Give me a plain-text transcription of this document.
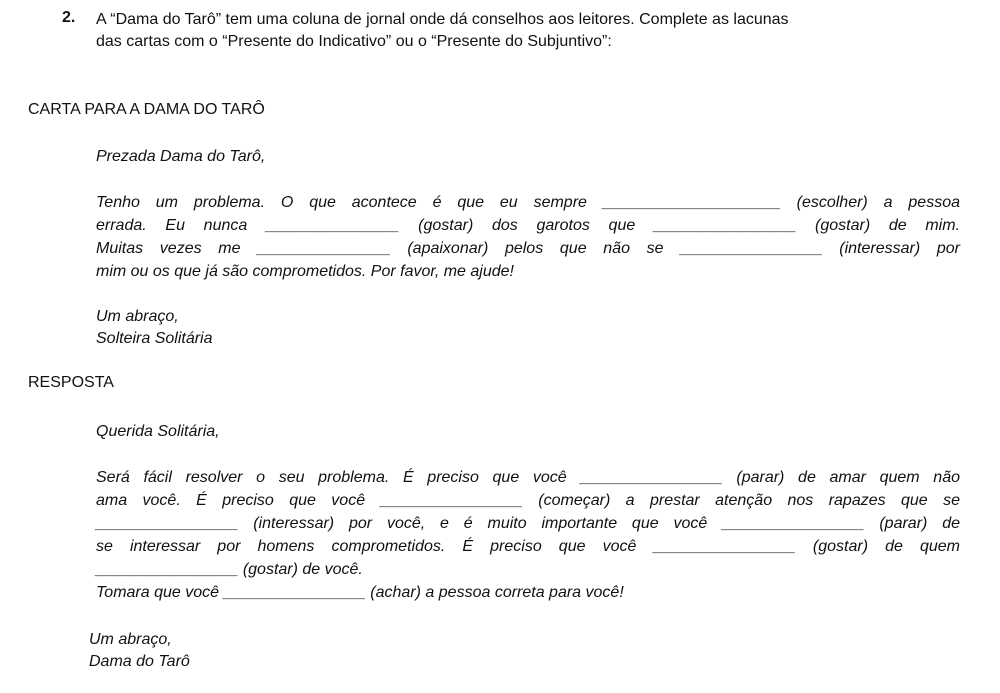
2. A “Dama do Tarô” tem uma coluna de jornal onde dá conselhos aos leitores. Complete as lacunas
das cartas com o “Presente do Indicativo” ou o “Presente do Subjuntivo”:
CARTA PARA A DAMA DO TARÔ
Prezada Dama do Tarô,
Tenho um problema. O que acontece é que eu sempre ____________________ (escolher) a pessoa
errada. Eu nunca _______________ (gostar) dos garotos que ________________ (gostar) de mim.
Muitas vezes me _______________ (apaixonar) pelos que não se ________________ (interessar) por
mim ou os que já são comprometidos. Por favor, me ajude!
Um abraço,
Solteira Solitária
RESPOSTA
Querida Solitária,
Será fácil resolver o seu problema. É preciso que você ________________ (parar) de amar quem não
ama você. É preciso que você ________________ (começar) a prestar atenção nos rapazes que se
________________ (interessar) por você, e é muito importante que você ________________ (parar) de
se interessar por homens comprometidos. É preciso que você ________________ (gostar) de quem
________________ (gostar) de você.
Tomara que você ________________ (achar) a pessoa correta para você!
Um abraço,
Dama do Tarô
